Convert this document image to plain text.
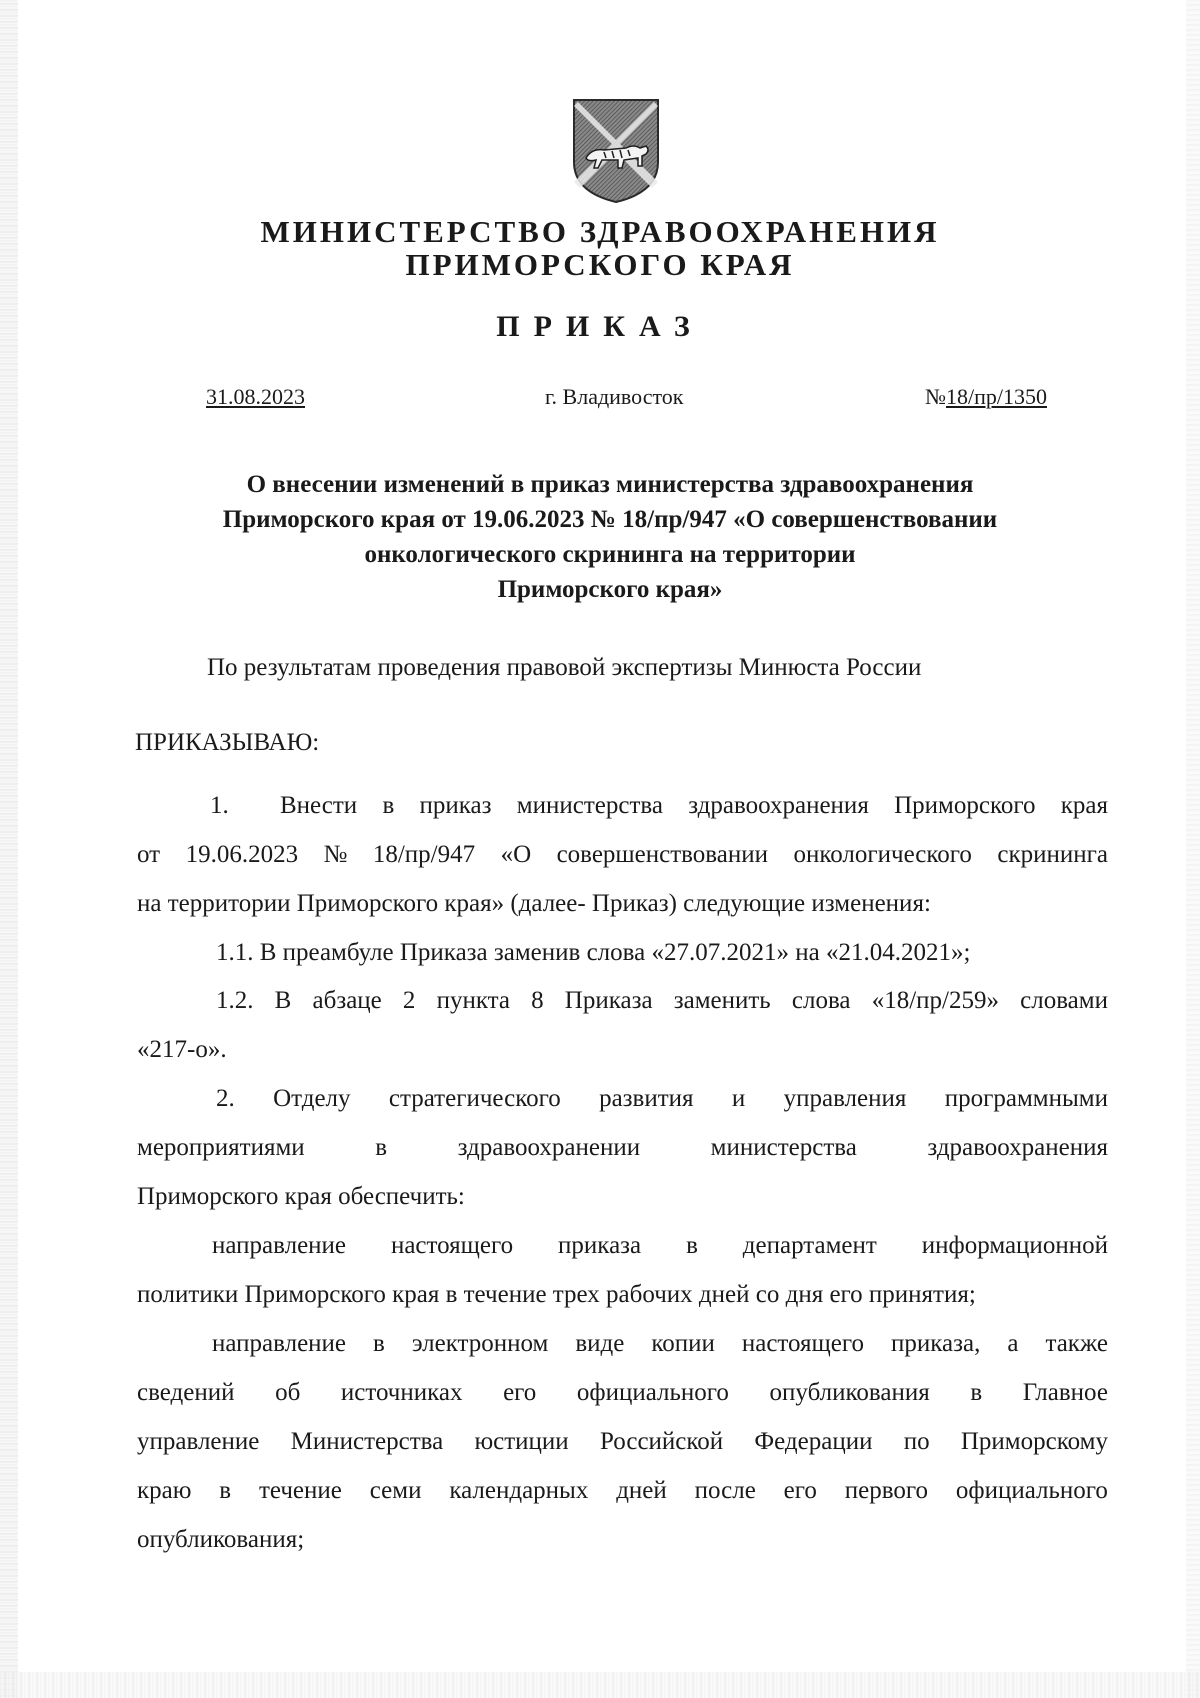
МИНИСТЕРСТВО ЗДРАВООХРАНЕНИЯ
ПРИМОРСКОГО КРАЯ
ПРИКАЗ
31.08.2023	г. Владивосток	№18/пр/1350
О внесении изменений в приказ министерства здравоохранения
Приморского края от 19.06.2023 № 18/пр/947 «О совершенствовании
онкологического скрининга на территории
Приморского края»
По результатам проведения правовой экспертизы Минюста России
ПРИКАЗЫВАЮ:
1. Внести в приказ министерства здравоохранения Приморского края
от 19.06.2023 № 18/пр/947 «О совершенствовании онкологического скрининга
на территории Приморского края» (далее- Приказ) следующие изменения:
1.1. В преамбуле Приказа заменив слова «27.07.2021» на «21.04.2021»;
1.2. В абзаце 2 пункта 8 Приказа заменить слова «18/пр/259» словами
«217-о».
2. Отделу стратегического развития и управления программными
мероприятиями	в	здравоохранении	министерства	здравоохранения
Приморского края обеспечить:
направление настоящего приказа в департамент информационной
политики Приморского края в течение трех рабочих дней со дня его принятия;
направление в электронном виде копии настоящего приказа, а также
сведений об источниках его официального опубликования в Главное
управление Министерства юстиции Российской Федерации по Приморскому
краю в течение семи календарных дней после его первого официального
опубликования;
